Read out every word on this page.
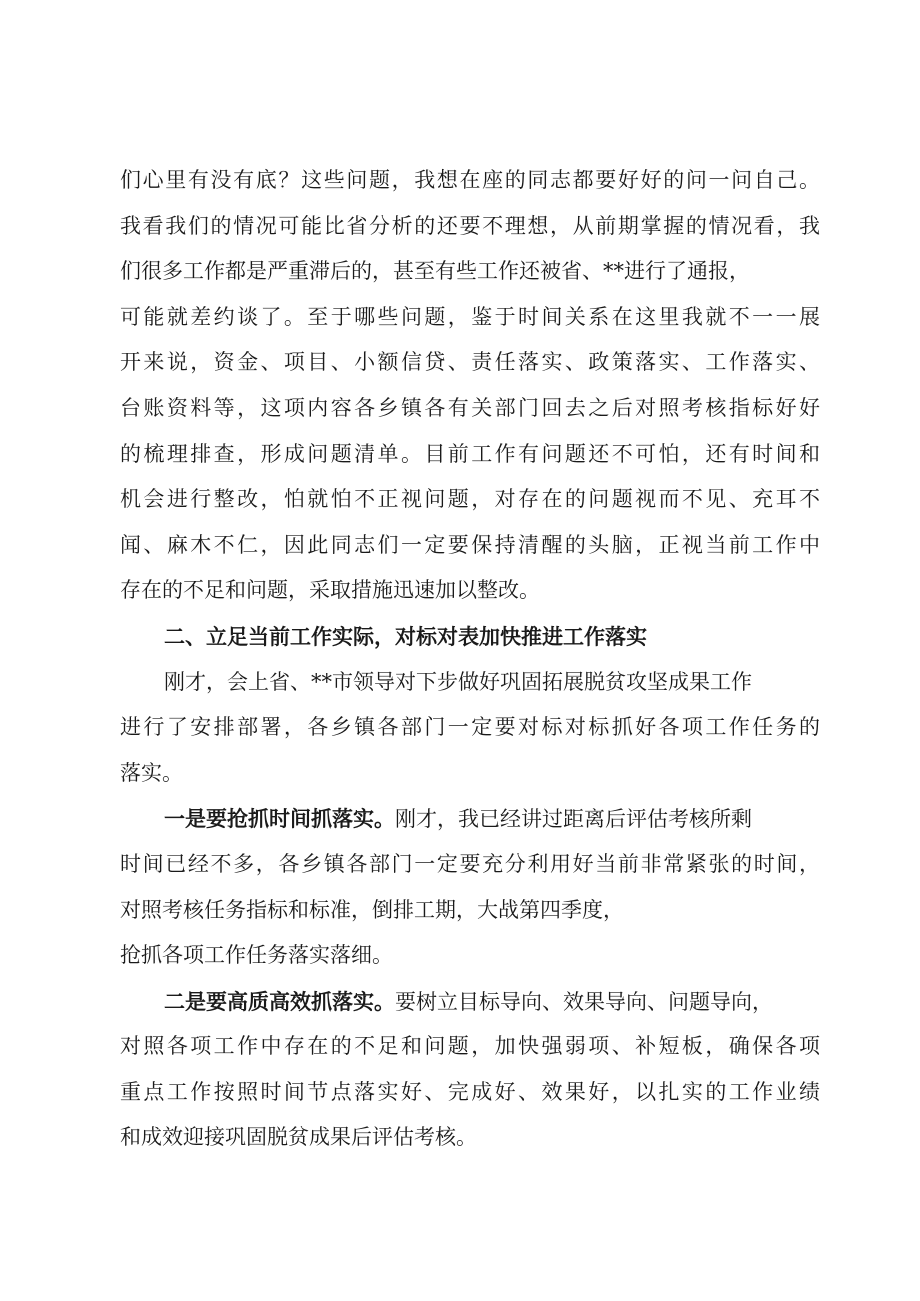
们心里有没有底？这些问题，我想在座的同志都要好好的问一问自己。
我看我们的情况可能比省分析的还要不理想，从前期掌握的情况看，我
们很多工作都是严重滞后的，甚至有些工作还被省、**进行了通报，
可能就差约谈了。至于哪些问题，鉴于时间关系在这里我就不一一展
开来说，资金、项目、小额信贷、责任落实、政策落实、工作落实、
台账资料等，这项内容各乡镇各有关部门回去之后对照考核指标好好
的梳理排查，形成问题清单。目前工作有问题还不可怕，还有时间和
机会进行整改，怕就怕不正视问题，对存在的问题视而不见、充耳不
闻、麻木不仁，因此同志们一定要保持清醒的头脑，正视当前工作中
存在的不足和问题，采取措施迅速加以整改。
二、立足当前工作实际，对标对表加快推进工作落实
刚才，会上省、**市领导对下步做好巩固拓展脱贫攻坚成果工作
进行了安排部署，各乡镇各部门一定要对标对标抓好各项工作任务的
落实。
一是要抢抓时间抓落实。刚才，我已经讲过距离后评估考核所剩
时间已经不多，各乡镇各部门一定要充分利用好当前非常紧张的时间，
对照考核任务指标和标准，倒排工期，大战第四季度，
抢抓各项工作任务落实落细。
二是要高质高效抓落实。要树立目标导向、效果导向、问题导向，
对照各项工作中存在的不足和问题，加快强弱项、补短板，确保各项
重点工作按照时间节点落实好、完成好、效果好，以扎实的工作业绩
和成效迎接巩固脱贫成果后评估考核。
